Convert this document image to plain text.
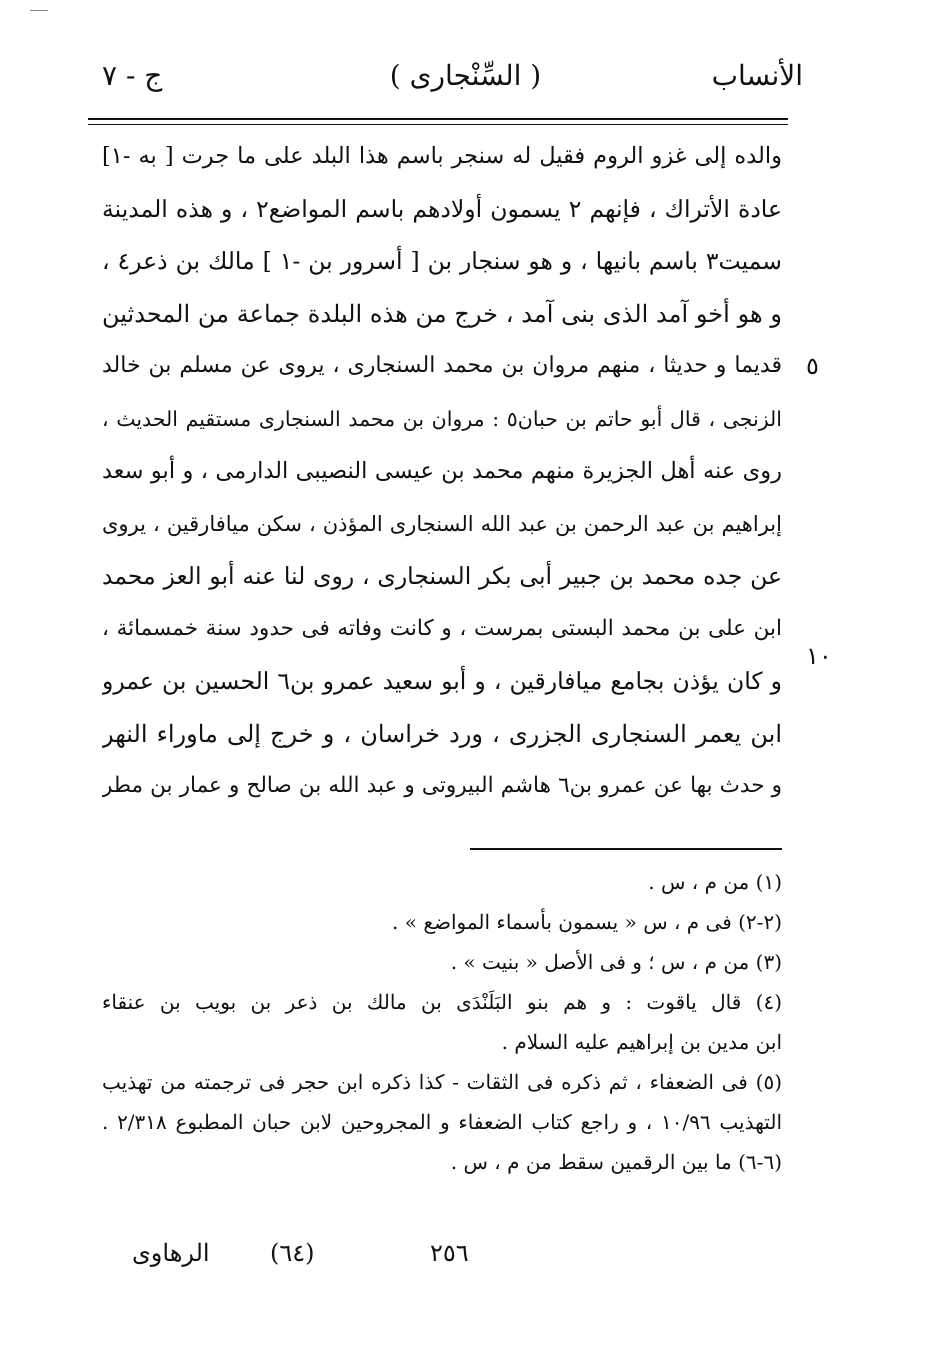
( السِّنْجارى )	الأنساب
ج - ٧
والده إلى غزو الروم فقيل له سنجر باسم هذا البلد على ما جرت [ به -١]
عادة الأتراك ، فإنهم ٢ يسمون أولادهم باسم المواضع٢ ، و هذه المدينة
سميت٣ باسم بانيها ، و هو سنجار بن [ أسرور بن -١ ] مالك بن ذعر٤ ،
و هو أخو آمد الذى بنى آمد ، خرج من هذه البلدة جماعة من المحدثين
قديما و حديثا ، منهم مروان بن محمد السنجارى ، يروى عن مسلم بن خالد
الزنجى ، قال أبو حاتم بن حبان٥ : مروان بن محمد السنجارى مستقيم الحديث ،
روى عنه أهل الجزيرة منهم محمد بن عيسى النصيبى الدارمى ، و أبو سعد
إبراهيم بن عبد الرحمن بن عبد الله السنجارى المؤذن ، سكن ميافارقين ، يروى
عن جده محمد بن جبير أبى بكر السنجارى ، روى لنا عنه أبو العز محمد
ابن على بن محمد البستى بمرست ، و كانت وفاته فى حدود سنة خمسمائة ،
و كان يؤذن بجامع ميافارقين ، و أبو سعيد عمرو بن٦ الحسين بن عمرو
ابن يعمر السنجارى الجزرى ، ورد خراسان ، و خرج إلى ماوراء النهر
و حدث بها عن عمرو بن٦ هاشم البيروتى و عبد الله بن صالح و عمار بن مطر
٥
١٠
(١) من م ، س .
(٢-٢) فى م ، س « يسمون بأسماء المواضع » .
(٣) من م ، س ؛ و فى الأصل « بنيت » .
(٤) قال ياقوت : و هم بنو البَلَنْدَى بن مالك بن ذعر بن بويب بن عنقاء
ابن مدين بن إبراهيم عليه السلام .
(٥) فى الضعفاء ، ثم ذكره فى الثقات - كذا ذكره ابن حجر فى ترجمته من تهذيب
التهذيب ١٠/٩٦ ، و راجع كتاب الضعفاء و المجروحين لابن حبان المطبوع ٢/٣١٨ .
(٦-٦) ما بين الرقمين سقط من م ، س .
٢٥٦
(٦٤)
الرهاوى
